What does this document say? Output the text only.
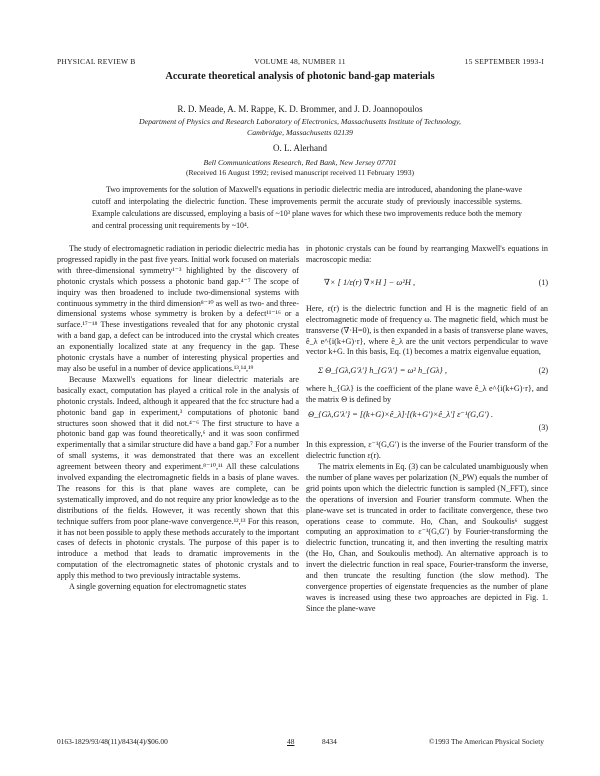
PHYSICAL REVIEW B	VOLUME 48, NUMBER 11	15 SEPTEMBER 1993-I
Accurate theoretical analysis of photonic band-gap materials
R. D. Meade, A. M. Rappe, K. D. Brommer, and J. D. Joannopoulos
Department of Physics and Research Laboratory of Electronics, Massachusetts Institute of Technology,
Cambridge, Massachusetts 02139
O. L. Alerhand
Bell Communications Research, Red Bank, New Jersey 07701
(Received 16 August 1992; revised manuscript received 11 February 1993)
Two improvements for the solution of Maxwell's equations in periodic dielectric media are introduced, abandoning the plane-wave cutoff and interpolating the dielectric function. These improvements permit the accurate study of previously inaccessible systems. Example calculations are discussed, employing a basis of ~10³ plane waves for which these two improvements reduce both the memory and central processing unit requirements by ~10⁴.

The study of electromagnetic radiation in periodic dielectric media has progressed rapidly in the past five years. Initial work focused on materials with three-dimensional symmetry¹⁻³ highlighted by the discovery of photonic crystals which possess a photonic band gap.⁴⁻⁷ The scope of inquiry was then broadened to include two-dimensional systems with continuous symmetry in the third dimension⁸⁻¹⁰ as well as two- and three-dimensional systems whose symmetry is broken by a defect¹¹⁻¹⁶ or a surface.¹⁷⁻¹⁸ These investigations revealed that for any photonic crystal with a band gap, a defect can be introduced into the crystal which creates an exponentially localized state at any frequency in the gap. These photonic crystals have a number of interesting physical properties and may also be useful in a number of device applications.¹³,¹⁴,¹⁹

Because Maxwell's equations for linear dielectric materials are basically exact, computation has played a critical role in the analysis of photonic crystals. Indeed, although it appeared that the fcc structure had a photonic band gap in experiment,³ computations of photonic band structures soon showed that it did not.⁴⁻⁶ The first structure to have a photonic band gap was found theoretically,⁶ and it was soon confirmed experimentally that a similar structure did have a band gap.⁷ For a number of small systems, it was demonstrated that there was an excellent agreement between theory and experiment.⁸⁻¹⁰,¹¹ All these calculations involved expanding the electromagnetic fields in a basis of plane waves. The reasons for this is that plane waves are complete, can be systematically improved, and do not require any prior knowledge as to the distributions of the fields. However, it was recently shown that this technique suffers from poor plane-wave convergence.¹²,¹³ For this reason, it has not been possible to apply these methods accurately to the important cases of defects in photonic crystals. The purpose of this paper is to introduce a method that leads to dramatic improvements in the computation of the electromagnetic states of photonic crystals and to apply this method to two previously intractable systems.

A single governing equation for electromagnetic states

in photonic crystals can be found by rearranging Maxwell's equations in macroscopic media:

∇× [ 1/ε(r) ∇×H ] − ω²H ,	(1)

Here, ε(r) is the dielectric function and H is the magnetic field of an electromagnetic mode of frequency ω. The magnetic field, which must be transverse (∇·H=0), is then expanded in a basis of transverse plane waves, ê_λ e^{i(k+G)·r}, where ê_λ are the unit vectors perpendicular to wave vector k+G. In this basis, Eq. (1) becomes a matrix eigenvalue equation,

Σ Θ_{Gλ,G′λ′} h_{G′λ′} = ω² h_{Gλ} ,	(2)

where h_{Gλ} is the coefficient of the plane wave ê_λ e^{i(k+G)·r}, and the matrix Θ is defined by

Θ_{Gλ,G′λ′} = [(k+G)×ê_λ]·[(k+G′)×ê_λ′] ε⁻¹(G,G′) .
(3)

In this expression, ε⁻¹(G,G′) is the inverse of the Fourier transform of the dielectric function ε(r).

The matrix elements in Eq. (3) can be calculated unambiguously when the number of plane waves per polarization (N_PW) equals the number of grid points upon which the dielectric function is sampled (N_FFT), since the operations of inversion and Fourier transform commute. When the plane-wave set is truncated in order to facilitate convergence, these two operations cease to commute. Ho, Chan, and Soukoulis⁶ suggest computing an approximation to ε⁻¹(G,G′) by Fourier-transforming the dielectric function, truncating it, and then inverting the resulting matrix (the Ho, Chan, and Soukoulis method). An alternative approach is to invert the dielectric function in real space, Fourier-transform the inverse, and then truncate the resulting function (the slow method). The convergence properties of eigenstate frequencies as the number of plane waves is increased using these two approaches are depicted in Fig. 1. Since the plane-wave

0163-1829/93/48(11)/8434(4)/$06.00	48	8434	©1993 The American Physical Society
